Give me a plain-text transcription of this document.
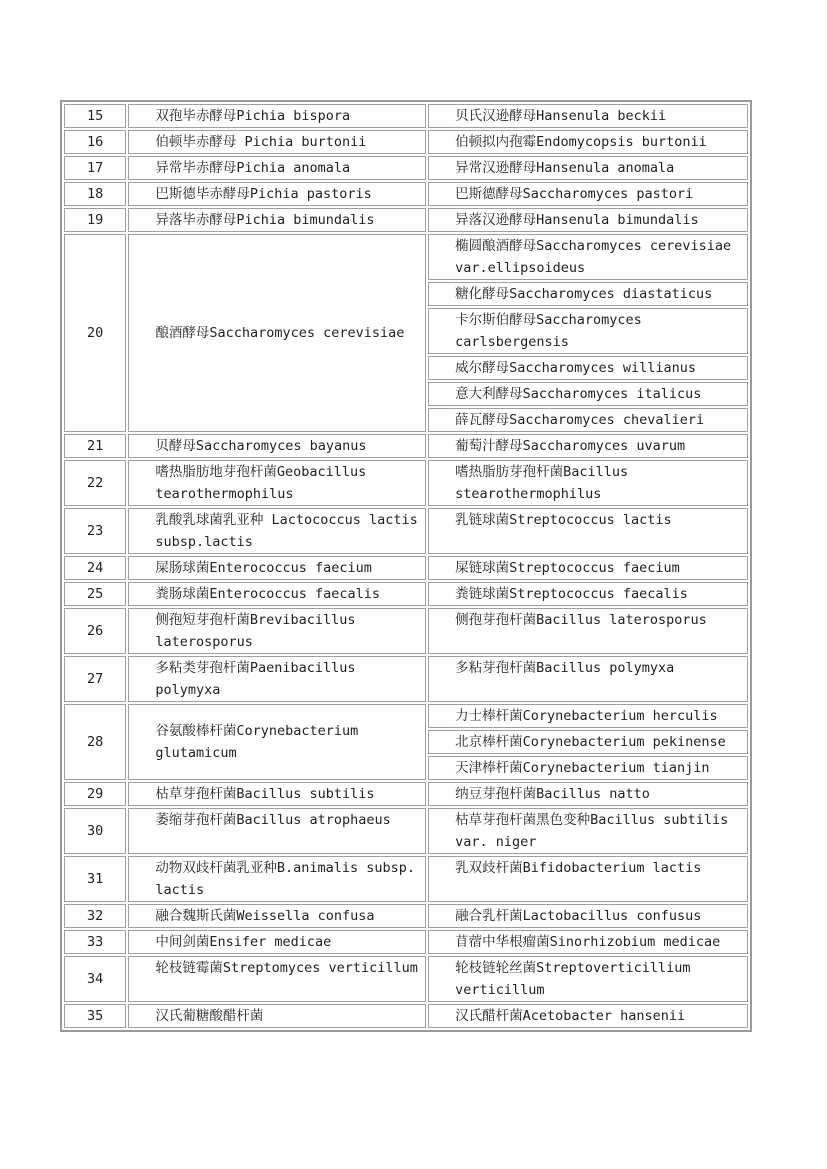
15	双孢毕赤酵母Pichia bispora	贝氏汉逊酵母Hansenula beckii
16	伯顿毕赤酵母 Pichia burtonii	伯顿拟内孢霉Endomycopsis burtonii
17	异常毕赤酵母Pichia anomala	异常汉逊酵母Hansenula anomala
18	巴斯德毕赤酵母Pichia pastoris	巴斯德酵母Saccharomyces pastori
19	异落毕赤酵母Pichia bimundalis	异落汉逊酵母Hansenula bimundalis
20	酿酒酵母Saccharomyces cerevisiae	椭圆酿酒酵母Saccharomyces cerevisiae var.ellipsoideus
		糖化酵母Saccharomyces diastaticus
		卡尔斯伯酵母Saccharomyces carlsbergensis
		威尔酵母Saccharomyces willianus
		意大利酵母Saccharomyces italicus
		薛瓦酵母Saccharomyces chevalieri
21	贝酵母Saccharomyces bayanus	葡萄汁酵母Saccharomyces uvarum
22	嗜热脂肪地芽孢杆菌Geobacillus tearothermophilus	嗜热脂肪芽孢杆菌Bacillus stearothermophilus
23	乳酸乳球菌乳亚种 Lactococcus lactis subsp.lactis	乳链球菌Streptococcus lactis
24	屎肠球菌Enterococcus faecium	屎链球菌Streptococcus faecium
25	粪肠球菌Enterococcus faecalis	粪链球菌Streptococcus faecalis
26	侧孢短芽孢杆菌Brevibacillus laterosporus	侧孢芽孢杆菌Bacillus laterosporus
27	多粘类芽孢杆菌Paenibacillus polymyxa	多粘芽孢杆菌Bacillus polymyxa
28	谷氨酸棒杆菌Corynebacterium glutamicum	力士棒杆菌Corynebacterium herculis
		北京棒杆菌Corynebacterium pekinense
		天津棒杆菌Corynebacterium tianjin
29	枯草芽孢杆菌Bacillus subtilis	纳豆芽孢杆菌Bacillus natto
30	萎缩芽孢杆菌Bacillus atrophaeus	枯草芽孢杆菌黑色变种Bacillus subtilis var. niger
31	动物双歧杆菌乳亚种B.animalis subsp. lactis	乳双歧杆菌Bifidobacterium lactis
32	融合魏斯氏菌Weissella confusa	融合乳杆菌Lactobacillus confusus
33	中间剑菌Ensifer medicae	苜蓿中华根瘤菌Sinorhizobium medicae
34	轮枝链霉菌Streptomyces verticillum	轮枝链轮丝菌Streptoverticillium verticillum
35	汉氏葡糖酸醋杆菌	汉氏醋杆菌Acetobacter hansenii
